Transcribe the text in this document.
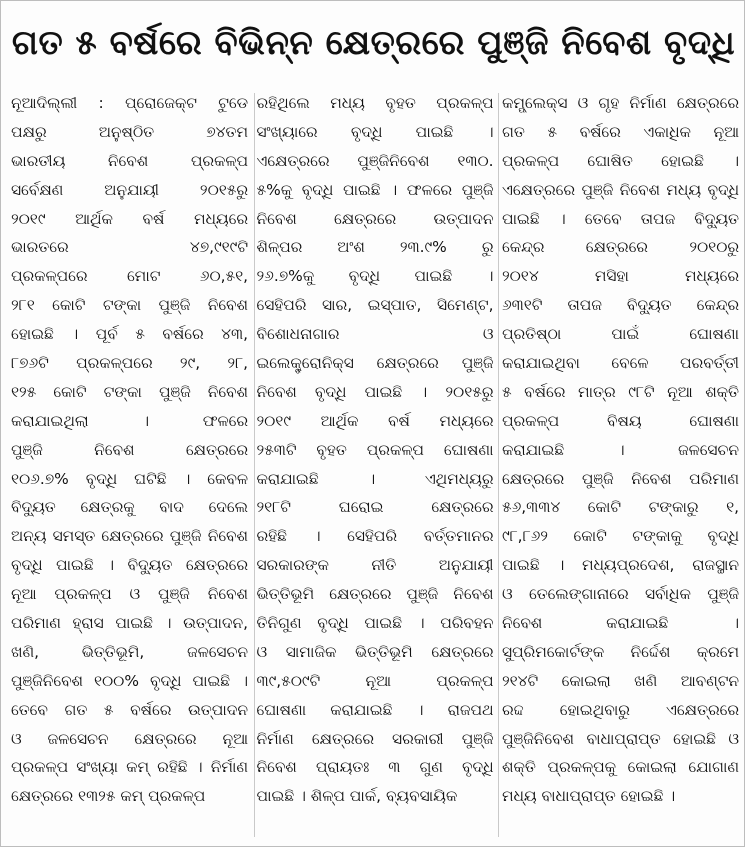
ଗତ ୫ ବର୍ଷରେ ବିଭିନ୍ନ କ୍ଷେତ୍ରରେ ପୁଞ୍ଜି ନିବେଶ ବୃଦ୍ଧି
ନୂଆଦିଲ୍ଲୀ : ପ୍ରୋଜେକ୍ଟ ଟୁଡେ
ପକ୍ଷରୁ ଅନୁଷ୍ଠିତ ୭୪ତମ
ଭାରତୀୟ ନିବେଶ ପ୍ରକଳ୍ପ
ସର୍ବେକ୍ଷଣ ଅନୁଯାୟୀ ୨୦୧୫ରୁ
୨୦୧୯ ଆର୍ଥିକ ବର୍ଷ ମଧ୍ୟରେ
ଭାରତରେ ୪୭,୯୧୯ଟି
ପ୍ରକଳ୍ପରେ ମୋଟ ୬୦,୫୧,
୨୮୧ କୋଟି ଟଙ୍କା ପୁଞ୍ଜି ନିବେଶ
ହୋଇଛି । ପୂର୍ବ ୫ ବର୍ଷରେ ୪୩,
୮୭୬ଟି ପ୍ରକଳ୍ପରେ ୨୯, ୨୮,
୧୨୫ କୋଟି ଟଙ୍କା ପୁଞ୍ଜି ନିବେଶ
କରାଯାଇଥିଲା । ଫଳରେ
ପୁଞ୍ଜି ନିବେଶ କ୍ଷେତ୍ରରେ
୧୦୬.୭% ବୃଦ୍ଧି ଘଟିଛି । କେବଳ
ବିଦ୍ୟୁତ କ୍ଷେତ୍ରକୁ ବାଦ ଦେଲେ
ଅନ୍ୟ ସମସ୍ତ କ୍ଷେତ୍ରରେ ପୁଞ୍ଜି ନିବେଶ
ବୃଦ୍ଧି ପାଇଛି । ବିଦ୍ୟୁତ କ୍ଷେତ୍ରରେ
ନୂଆ ପ୍ରକଳ୍ପ ଓ ପୁଞ୍ଜି ନିବେଶ
ପରିମାଣ ହ୍ରାସ ପାଇଛି । ଉତ୍ପାଦନ,
ଖଣି, ଭିତ୍ତିଭୂମି, ଜଳସେଚନ
ପୁଞ୍ଜିନିବେଶ ୧୦୦% ବୃଦ୍ଧି ପାଇଛି ।
ତେବେ ଗତ ୫ ବର୍ଷରେ ଉତ୍ପାଦନ
ଓ ଜଳସେଚନ କ୍ଷେତ୍ରରେ ନୂଆ
ପ୍ରକଳ୍ପ ସଂଖ୍ୟା କମ୍ ରହିଛି । ନିର୍ମାଣ
କ୍ଷେତ୍ରରେ ୧୩୨୫ କମ୍ ପ୍ରକଳ୍ପ
ରହିଥିଲେ ମଧ୍ୟ ବୃହତ ପ୍ରକଳ୍ପ
ସଂଖ୍ୟାରେ ବୃଦ୍ଧି ପାଇଛି ।
ଏକ୍ଷେତ୍ରରେ ପୁଞ୍ଜିନିବେଶ ୧୩୦.
୫%କୁ ବୃଦ୍ଧି ପାଇଛି । ଫଳରେ ପୁଞ୍ଜି
ନିବେଶ କ୍ଷେତ୍ରରେ ଉତ୍ପାଦନ
ଶିଳ୍ପର ଅଂଶ ୨୩.୯% ରୁ
୨୬.୭%କୁ ବୃଦ୍ଧି ପାଇଛି ।
ସେହିପରି ସାର, ଇସ୍ପାତ, ସିମେଣ୍ଟ,
ବିଶୋଧନାଗାର ଓ
ଇଲେକ୍ଟ୍ରୋନିକ୍ସ କ୍ଷେତ୍ରରେ ପୁଞ୍ଜି
ନିବେଶ ବୃଦ୍ଧି ପାଇଛି । ୨୦୧୫ରୁ
୨୦୧୯ ଆର୍ଥିକ ବର୍ଷ ମଧ୍ୟରେ
୨୫୩ଟି ବୃହତ ପ୍ରକଳ୍ପ ଘୋଷଣା
କରାଯାଇଛି । ଏଥିମଧ୍ୟରୁ
୨୧୮ଟି ଘରୋଇ କ୍ଷେତ୍ରରେ
ରହିଛି । ସେହିପରି ବର୍ତ୍ତମାନର
ସରକାରଙ୍କ ନୀତି ଅନୁଯାୟୀ
ଭିତ୍ତିଭୂମି କ୍ଷେତ୍ରରେ ପୁଞ୍ଜି ନିବେଶ
ତିନିଗୁଣ ବୃଦ୍ଧି ପାଇଛି । ପରିବହନ
ଓ ସାମାଜିକ ଭିତ୍ତିଭୂମି କ୍ଷେତ୍ରରେ
୩୯,୫୦୯ଟି ନୂଆ ପ୍ରକଳ୍ପ
ଘୋଷଣା କରାଯାଇଛି । ରାଜପଥ
ନିର୍ମାଣ କ୍ଷେତ୍ରରେ ସରକାରୀ ପୁଞ୍ଜି
ନିବେଶ ପ୍ରାୟତଃ ୩ ଗୁଣ ବୃଦ୍ଧି
ପାଇଛି । ଶିଳ୍ପ ପାର୍କ, ବ୍ୟବସାୟିକ
କମ୍ପ୍ଲେକ୍ସ ଓ ଗୃହ ନିର୍ମାଣ କ୍ଷେତ୍ରରେ
ଗତ ୫ ବର୍ଷରେ ଏକାଧିକ ନୂଆ
ପ୍ରକଳ୍ପ ଘୋଷିତ ହୋଇଛି ।
ଏକ୍ଷେତ୍ରରେ ପୁଞ୍ଜି ନିବେଶ ମଧ୍ୟ ବୃଦ୍ଧି
ପାଇଛି । ତେବେ ତାପଜ ବିଦ୍ୟୁତ
କେନ୍ଦ୍ର କ୍ଷେତ୍ରରେ ୨୦୧୦ରୁ
୨୦୧୪ ମସିହା ମଧ୍ୟରେ
୬୩୧ଟି ତାପଜ ବିଦ୍ୟୁତ କେନ୍ଦ୍ର
ପ୍ରତିଷ୍ଠା ପାଇଁ ଘୋଷଣା
କରାଯାଇଥିବା ବେଳେ ପରବର୍ତ୍ତୀ
୫ ବର୍ଷରେ ମାତ୍ର ୯୮ଟି ନୂଆ ଶକ୍ତି
ପ୍ରକଳ୍ପ ବିଷୟ ଘୋଷଣା
କରାଯାଇଛି । ଜଳସେଚନ
କ୍ଷେତ୍ରରେ ପୁଞ୍ଜି ନିବେଶ ପରିମାଣ
୫୬,୩୩୪ କୋଟି ଟଙ୍କାରୁ ୧,
୯୮,୮୬୨ କୋଟି ଟଙ୍କାକୁ ବୃଦ୍ଧି
ପାଇଛି । ମଧ୍ୟପ୍ରଦେଶ, ରାଜସ୍ଥାନ
ଓ ତେଲେଙ୍ଗାନାରେ ସର୍ବାଧିକ ପୁଞ୍ଜି
ନିବେଶ କରାଯାଇଛି ।
ସୁପ୍ରିମକୋର୍ଟଙ୍କ ନିର୍ଦ୍ଦେଶ କ୍ରମେ
୨୧୪ଟି କୋଇଲା ଖଣି ଆବଣ୍ଟନ
ରଦ୍ଦ ହୋଇଥିବାରୁ ଏକ୍ଷେତ୍ରରେ
ପୁଞ୍ଜିନିବେଶ ବାଧାପ୍ରାପ୍ତ ହୋଇଛି ଓ
ଶକ୍ତି ପ୍ରକଳ୍ପକୁ କୋଇଲା ଯୋଗାଣ
ମଧ୍ୟ ବାଧାପ୍ରାପ୍ତ ହୋଇଛି ।
